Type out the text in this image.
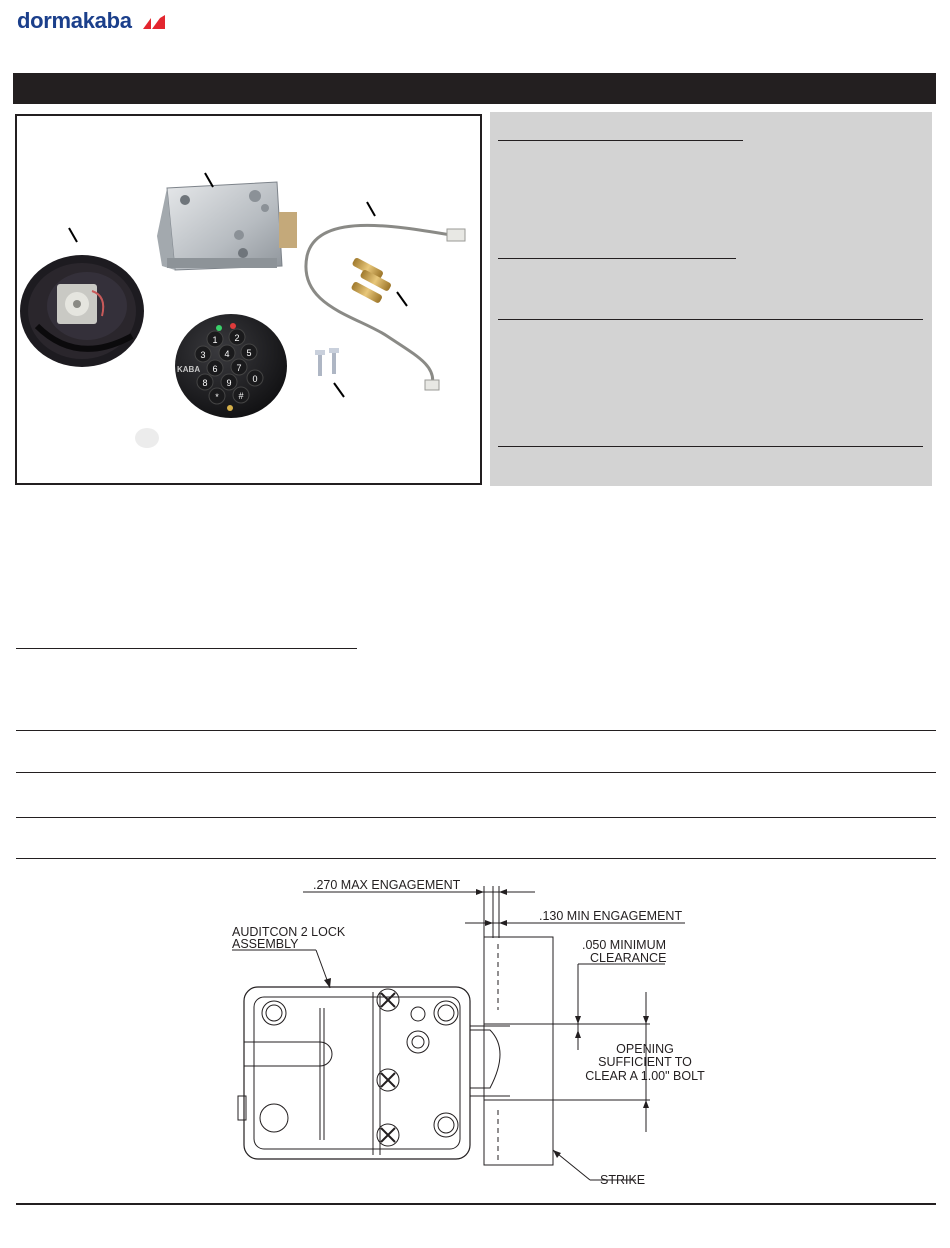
dormakaba
KABA
1 2
3 4 5
6 7
8 9
*
0
#
.270 MAX ENGAGEMENT
.130 MIN ENGAGEMENT
AUDITCON 2 LOCK
ASSEMBLY	.050 MINIMUM
CLEARANCE
OPENING
SUFFICIENT TO
CLEAR A 1.00" BOLT
STRIKE
